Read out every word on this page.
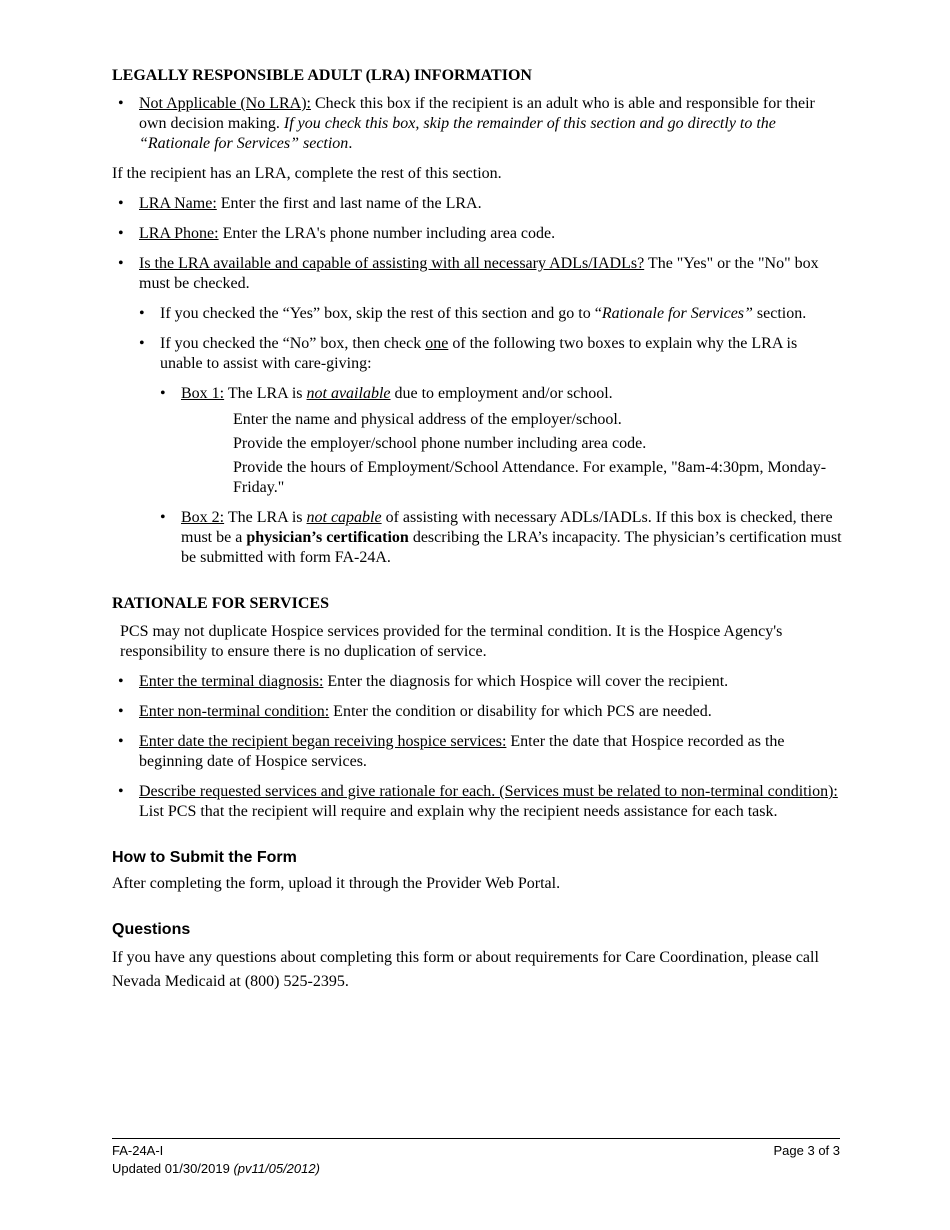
LEGALLY RESPONSIBLE ADULT (LRA) INFORMATION
• Not Applicable (No LRA): Check this box if the recipient is an adult who is able and responsible for their own decision making. If you check this box, skip the remainder of this section and go directly to the “Rationale for Services” section.
If the recipient has an LRA, complete the rest of this section.
• LRA Name: Enter the first and last name of the LRA.
• LRA Phone: Enter the LRA's phone number including area code.
• Is the LRA available and capable of assisting with all necessary ADLs/IADLs? The "Yes" or the "No" box must be checked.
• If you checked the “Yes” box, skip the rest of this section and go to “Rationale for Services” section.
• If you checked the “No” box, then check one of the following two boxes to explain why the LRA is unable to assist with care-giving:
• Box 1: The LRA is not available due to employment and/or school.
Enter the name and physical address of the employer/school.
Provide the employer/school phone number including area code.
Provide the hours of Employment/School Attendance. For example, "8am-4:30pm, Monday-Friday."
• Box 2: The LRA is not capable of assisting with necessary ADLs/IADLs. If this box is checked, there must be a physician’s certification describing the LRA’s incapacity. The physician’s certification must be submitted with form FA-24A.
RATIONALE FOR SERVICES
PCS may not duplicate Hospice services provided for the terminal condition. It is the Hospice Agency's responsibility to ensure there is no duplication of service.
• Enter the terminal diagnosis: Enter the diagnosis for which Hospice will cover the recipient.
• Enter non-terminal condition: Enter the condition or disability for which PCS are needed.
• Enter date the recipient began receiving hospice services: Enter the date that Hospice recorded as the beginning date of Hospice services.
• Describe requested services and give rationale for each. (Services must be related to non-terminal condition): List PCS that the recipient will require and explain why the recipient needs assistance for each task.
How to Submit the Form
After completing the form, upload it through the Provider Web Portal.
Questions
If you have any questions about completing this form or about requirements for Care Coordination, please call Nevada Medicaid at (800) 525-2395.
FA-24A-I
Updated 01/30/2019 (pv11/05/2012)
Page 3 of 3
